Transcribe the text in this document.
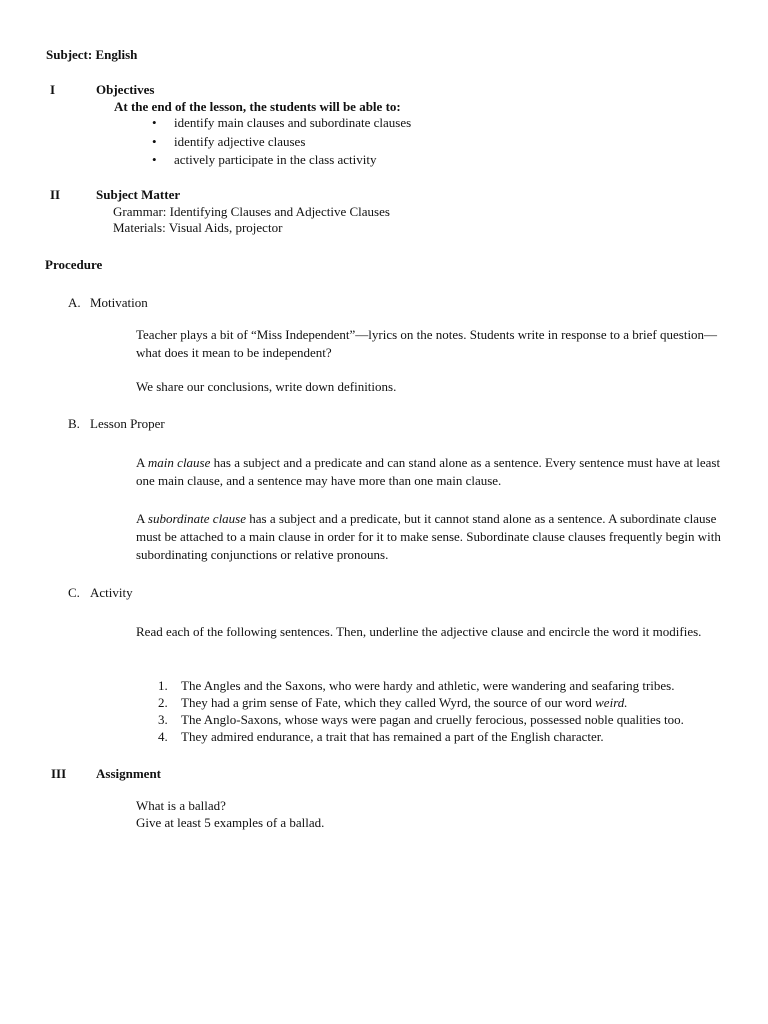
Subject: English
I	Objectives
At the end of the lesson, the students will be able to:
• identify main clauses and subordinate clauses
• identify adjective clauses
• actively participate in the class activity
II	Subject Matter
Grammar: Identifying Clauses and Adjective Clauses
Materials: Visual Aids, projector
Procedure
A. Motivation
Teacher plays a bit of “Miss Independent”—lyrics on the notes. Students write in response to a brief question—what does it mean to be independent?
We share our conclusions, write down definitions.
B. Lesson Proper
A main clause has a subject and a predicate and can stand alone as a sentence. Every sentence must have at least one main clause, and a sentence may have more than one main clause.
A subordinate clause has a subject and a predicate, but it cannot stand alone as a sentence. A subordinate clause must be attached to a main clause in order for it to make sense. Subordinate clause clauses frequently begin with subordinating conjunctions or relative pronouns.
C. Activity
Read each of the following sentences. Then, underline the adjective clause and encircle the word it modifies.
1. The Angles and the Saxons, who were hardy and athletic, were wandering and seafaring tribes.
2. They had a grim sense of Fate, which they called Wyrd, the source of our word weird.
3. The Anglo-Saxons, whose ways were pagan and cruelly ferocious, possessed noble qualities too.
4. They admired endurance, a trait that has remained a part of the English character.
III Assignment
What is a ballad?
Give at least 5 examples of a ballad.
